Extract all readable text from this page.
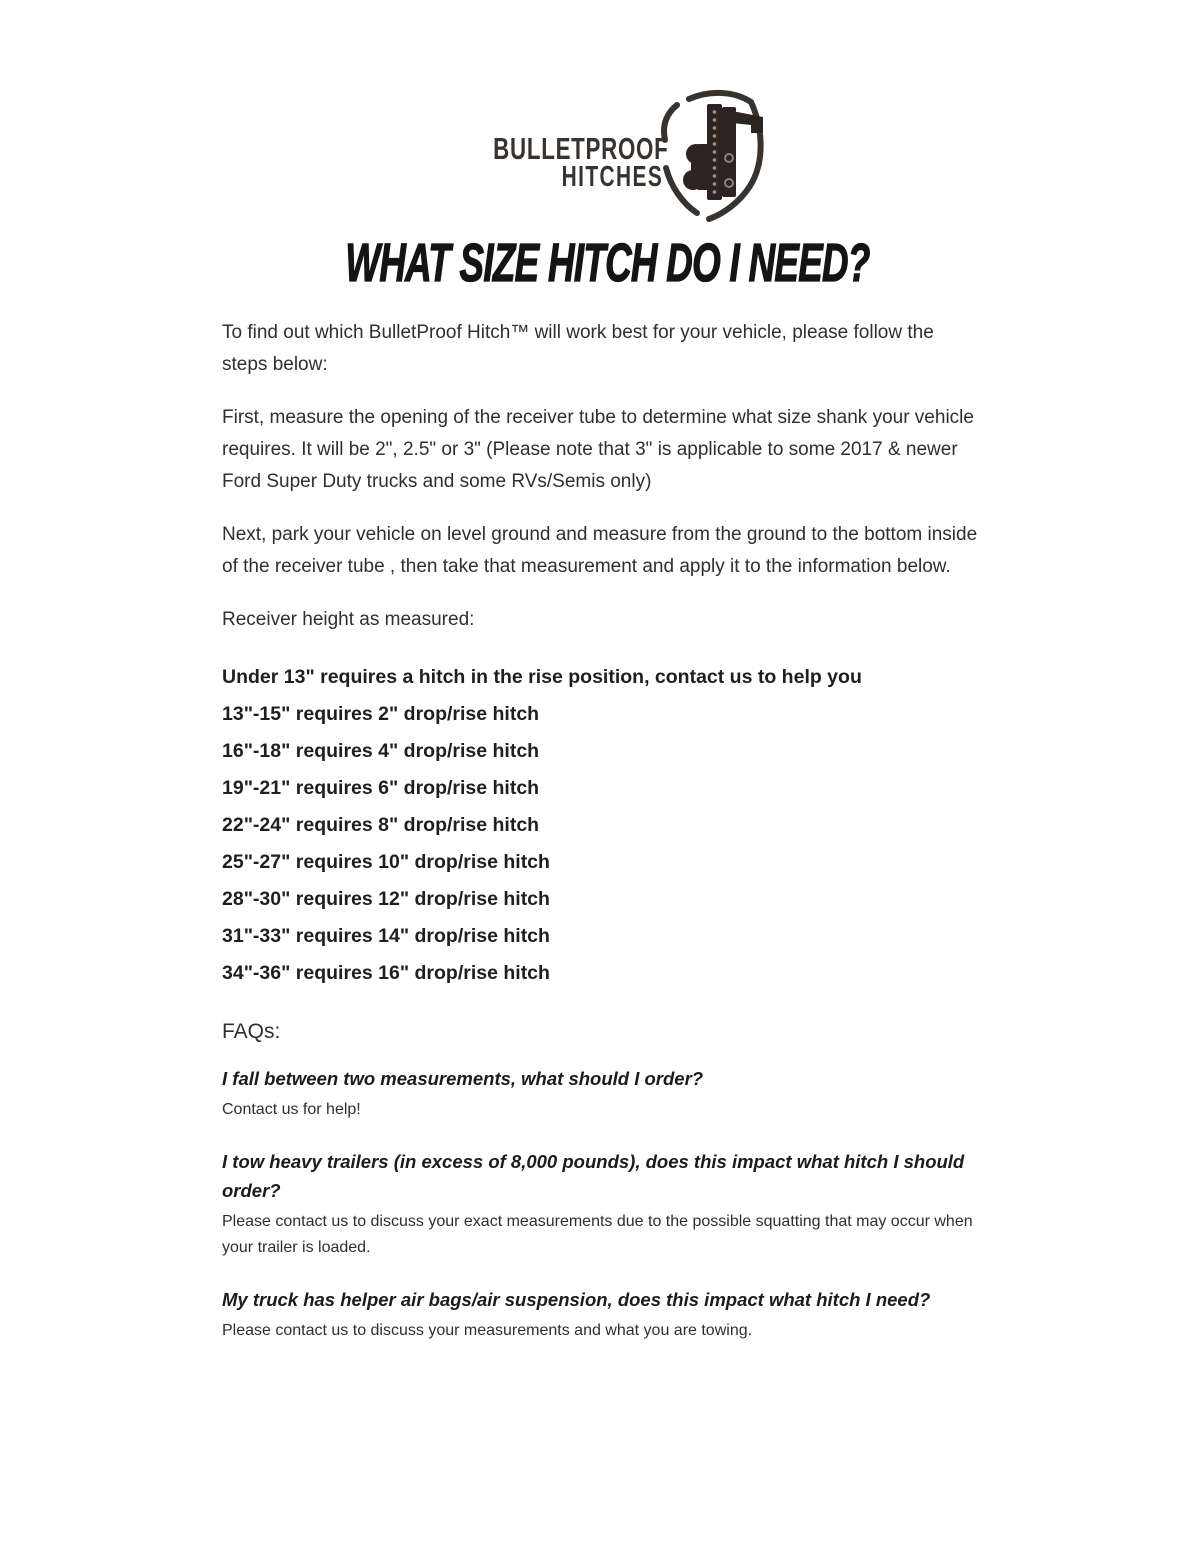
BULLETPROOF
HITCHES
WHAT SIZE HITCH DO I NEED?

To find out which BulletProof Hitch™ will work best for your vehicle, please follow the steps below:

First, measure the opening of the receiver tube to determine what size shank your vehicle requires. It will be 2", 2.5" or 3" (Please note that 3" is applicable to some 2017 & newer Ford Super Duty trucks and some RVs/Semis only)

Next, park your vehicle on level ground and measure from the ground to the bottom inside of the receiver tube , then take that measurement and apply it to the information below.

Receiver height as measured:

Under 13" requires a hitch in the rise position, contact us to help you

13"-15" requires 2" drop/rise hitch

16"-18" requires 4" drop/rise hitch

19"-21" requires 6" drop/rise hitch

22"-24" requires 8" drop/rise hitch

25"-27" requires 10" drop/rise hitch

28"-30" requires 12" drop/rise hitch

31"-33" requires 14" drop/rise hitch

34"-36" requires 16" drop/rise hitch

FAQs:

I fall between two measurements, what should I order?

Contact us for help!

I tow heavy trailers (in excess of 8,000 pounds), does this impact what hitch I should order?

Please contact us to discuss your exact measurements due to the possible squatting that may occur when your trailer is loaded.

My truck has helper air bags/air suspension, does this impact what hitch I need?

Please contact us to discuss your measurements and what you are towing.
